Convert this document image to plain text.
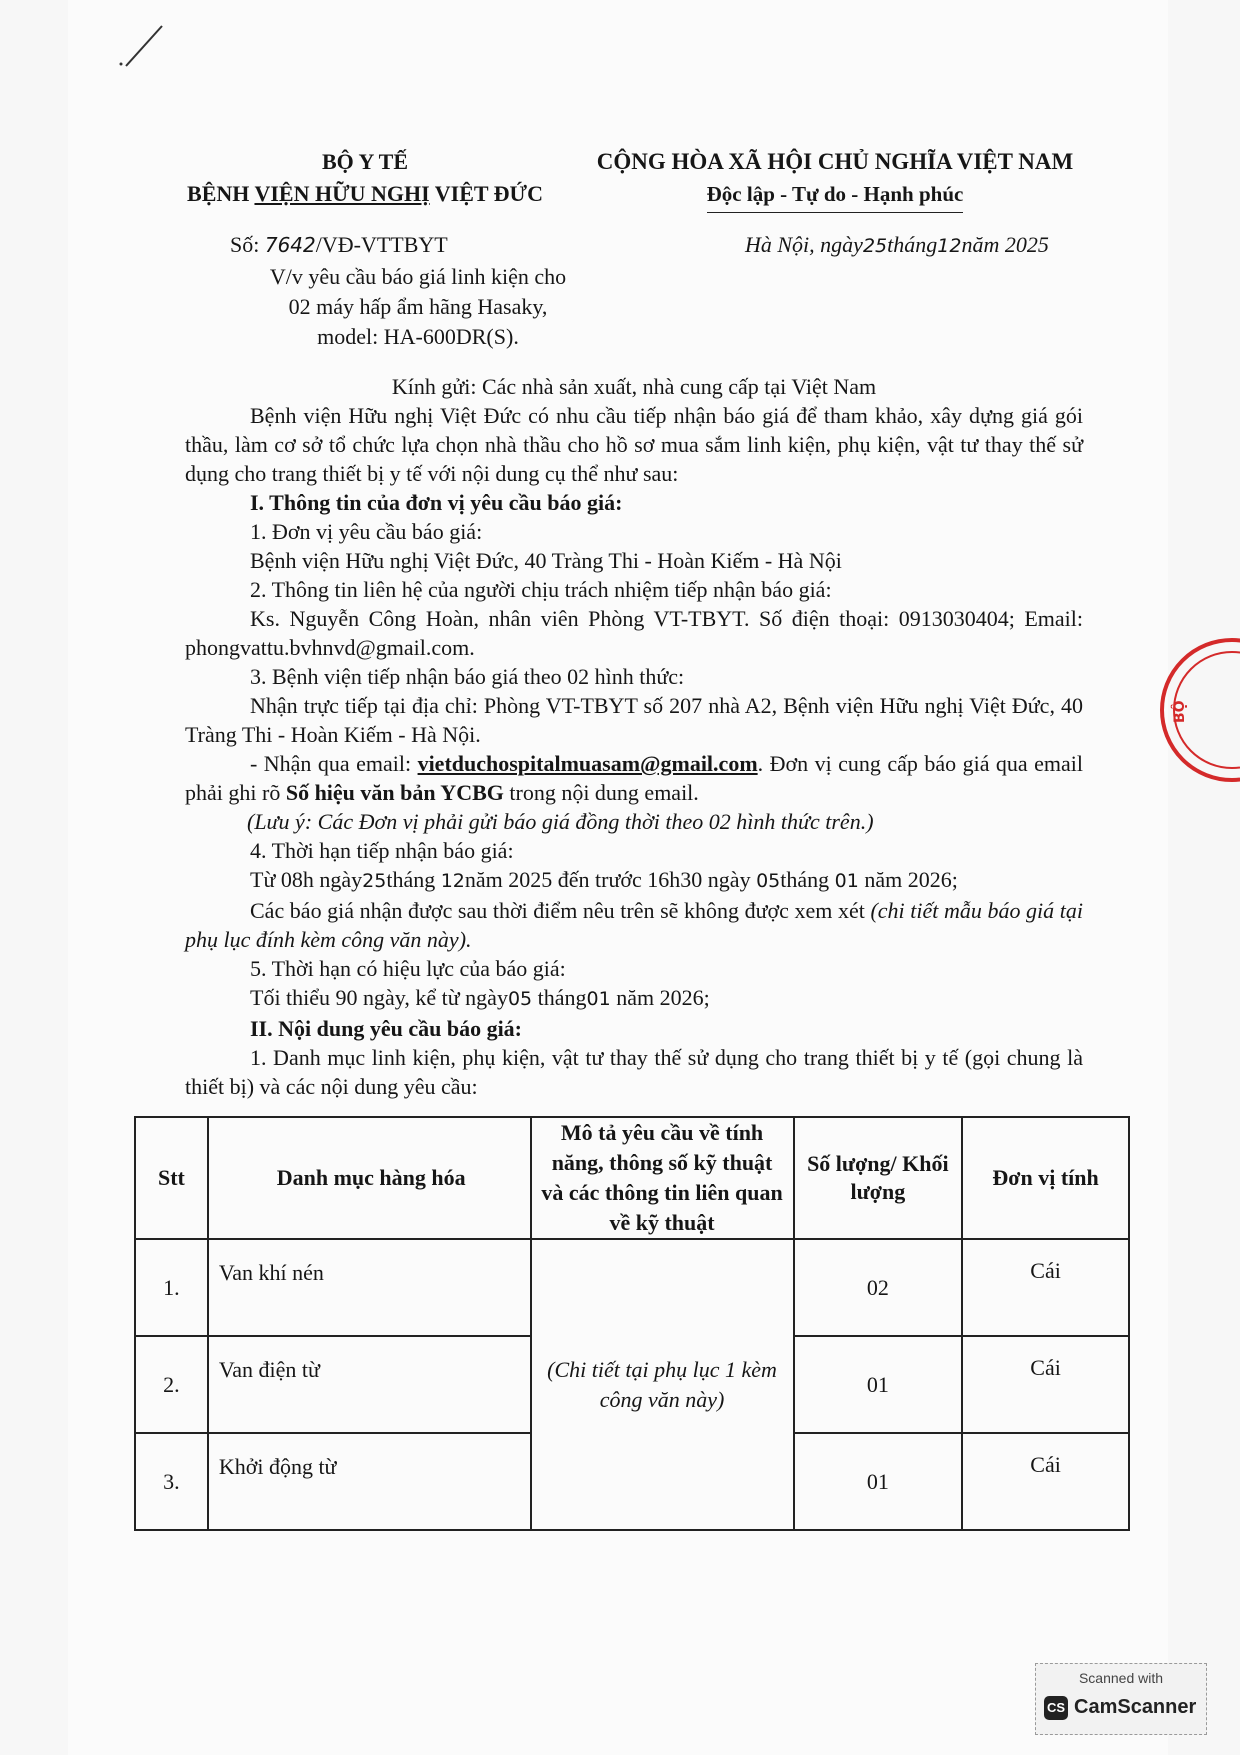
BỘ Y TẾ
BỆNH VIỆN HỮU NGHỊ VIỆT ĐỨC
CỘNG HÒA XÃ HỘI CHỦ NGHĨA VIỆT NAM
Độc lập - Tự do - Hạnh phúc
Số: 7642/VĐ-VTTBYT	Hà Nội, ngày25tháng12năm 2025
V/v yêu cầu báo giá linh kiện cho 02 máy hấp ẩm hãng Hasaky, model: HA-600DR(S).

Kính gửi: Các nhà sản xuất, nhà cung cấp tại Việt Nam

Bệnh viện Hữu nghị Việt Đức có nhu cầu tiếp nhận báo giá để tham khảo, xây dựng giá gói thầu, làm cơ sở tổ chức lựa chọn nhà thầu cho hồ sơ mua sắm linh kiện, phụ kiện, vật tư thay thế sử dụng cho trang thiết bị y tế với nội dung cụ thể như sau:

I. Thông tin của đơn vị yêu cầu báo giá:

1. Đơn vị yêu cầu báo giá:

Bệnh viện Hữu nghị Việt Đức, 40 Tràng Thi - Hoàn Kiếm - Hà Nội

2. Thông tin liên hệ của người chịu trách nhiệm tiếp nhận báo giá:

Ks. Nguyễn Công Hoàn, nhân viên Phòng VT-TBYT. Số điện thoại: 0913030404; Email: phongvattu.bvhnvd@gmail.com.

3. Bệnh viện tiếp nhận báo giá theo 02 hình thức:

Nhận trực tiếp tại địa chỉ: Phòng VT-TBYT số 207 nhà A2, Bệnh viện Hữu nghị Việt Đức, 40 Tràng Thi - Hoàn Kiếm - Hà Nội.

- Nhận qua email: vietduchospitalmuasam@gmail.com. Đơn vị cung cấp báo giá qua email phải ghi rõ Số hiệu văn bản YCBG trong nội dung email.

(Lưu ý: Các Đơn vị phải gửi báo giá đồng thời theo 02 hình thức trên.)

4. Thời hạn tiếp nhận báo giá:

Từ 08h ngày25tháng 12năm 2025 đến trước 16h30 ngày 05tháng 01 năm 2026;

Các báo giá nhận được sau thời điểm nêu trên sẽ không được xem xét (chi tiết mẫu báo giá tại phụ lục đính kèm công văn này).

5. Thời hạn có hiệu lực của báo giá:

Tối thiểu 90 ngày, kể từ ngày05 tháng01 năm 2026;

II. Nội dung yêu cầu báo giá:

1. Danh mục linh kiện, phụ kiện, vật tư thay thế sử dụng cho trang thiết bị y tế (gọi chung là thiết bị) và các nội dung yêu cầu:

Stt	Danh mục hàng hóa	Mô tả yêu cầu về tính năng, thông số kỹ thuật và các thông tin liên quan về kỹ thuật	Số lượng/ Khối lượng	Đơn vị tính
1.	Van khí nén	(Chi tiết tại phụ lục 1 kèm công văn này)	02	Cái
2.	Van điện từ		01	Cái
3.	Khởi động từ		01	Cái
BỘ
Scanned with
CS CamScanner
